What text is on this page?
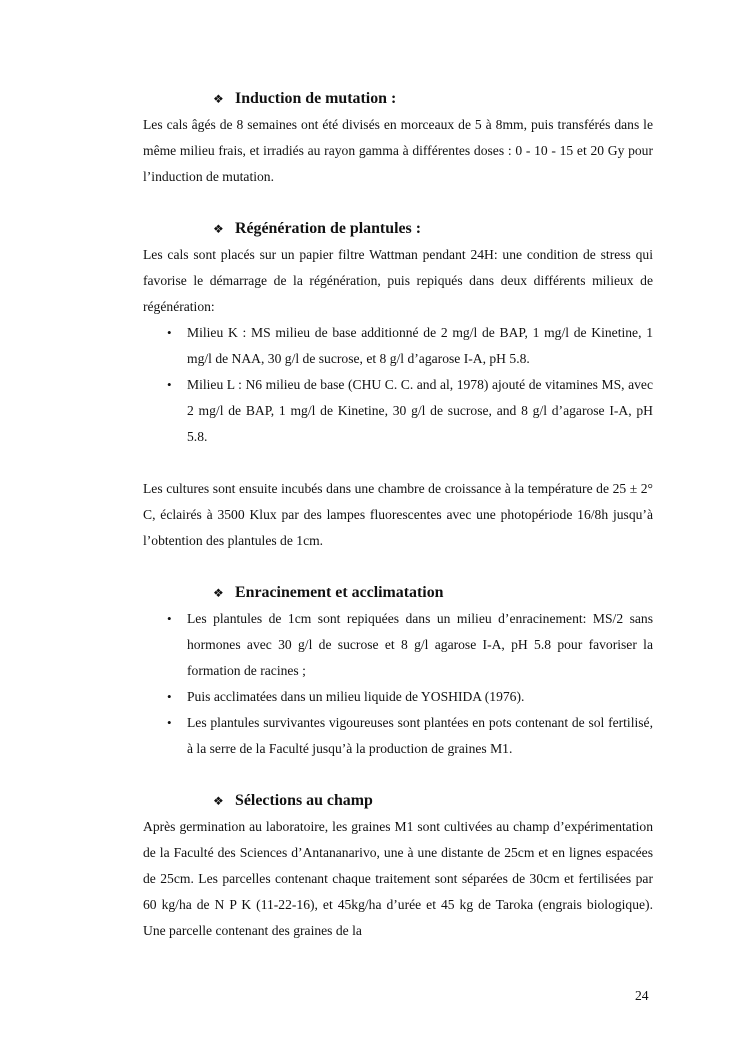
❖ Induction de mutation :

Les cals âgés de 8 semaines ont été divisés en morceaux de 5 à 8mm, puis transférés dans le même milieu frais, et irradiés au rayon gamma à différentes doses : 0 - 10 - 15 et 20 Gy pour l’induction de mutation.

❖ Régénération de plantules :

Les cals sont placés sur un papier filtre Wattman pendant 24H: une condition de stress qui favorise le démarrage de la régénération, puis repiqués dans deux différents milieux de régénération:

• Milieu K : MS milieu de base additionné de 2 mg/l de BAP, 1 mg/l de Kinetine, 1 mg/l de NAA, 30 g/l de sucrose, et 8 g/l d’agarose I-A, pH 5.8.
• Milieu L : N6 milieu de base (CHU C. C. and al, 1978) ajouté de vitamines MS, avec 2 mg/l de BAP, 1 mg/l de Kinetine, 30 g/l de sucrose, and 8 g/l d’agarose I-A, pH 5.8.

Les cultures sont ensuite incubés dans une chambre de croissance à la température de 25 ± 2° C, éclairés à 3500 Klux par des lampes fluorescentes avec une photopériode 16/8h jusqu’à l’obtention des plantules de 1cm.

❖ Enracinement et acclimatation
• Les plantules de 1cm sont repiquées dans un milieu d’enracinement: MS/2 sans hormones avec 30 g/l de sucrose et 8 g/l agarose I-A, pH 5.8 pour favoriser la formation de racines ;
• Puis acclimatées dans un milieu liquide de YOSHIDA (1976).
• Les plantules survivantes vigoureuses sont plantées en pots contenant de sol fertilisé, à la serre de la Faculté jusqu’à la production de graines M1.
❖ Sélections au champ

Après germination au laboratoire, les graines M1 sont cultivées au champ d’expérimentation de la Faculté des Sciences d’Antananarivo, une à une distante de 25cm et en lignes espacées de 25cm. Les parcelles contenant chaque traitement sont séparées de 30cm et fertilisées par 60 kg/ha de N P K (11-22-16), et 45kg/ha d’urée et 45 kg de Taroka (engrais biologique). Une parcelle contenant des graines de la

24
